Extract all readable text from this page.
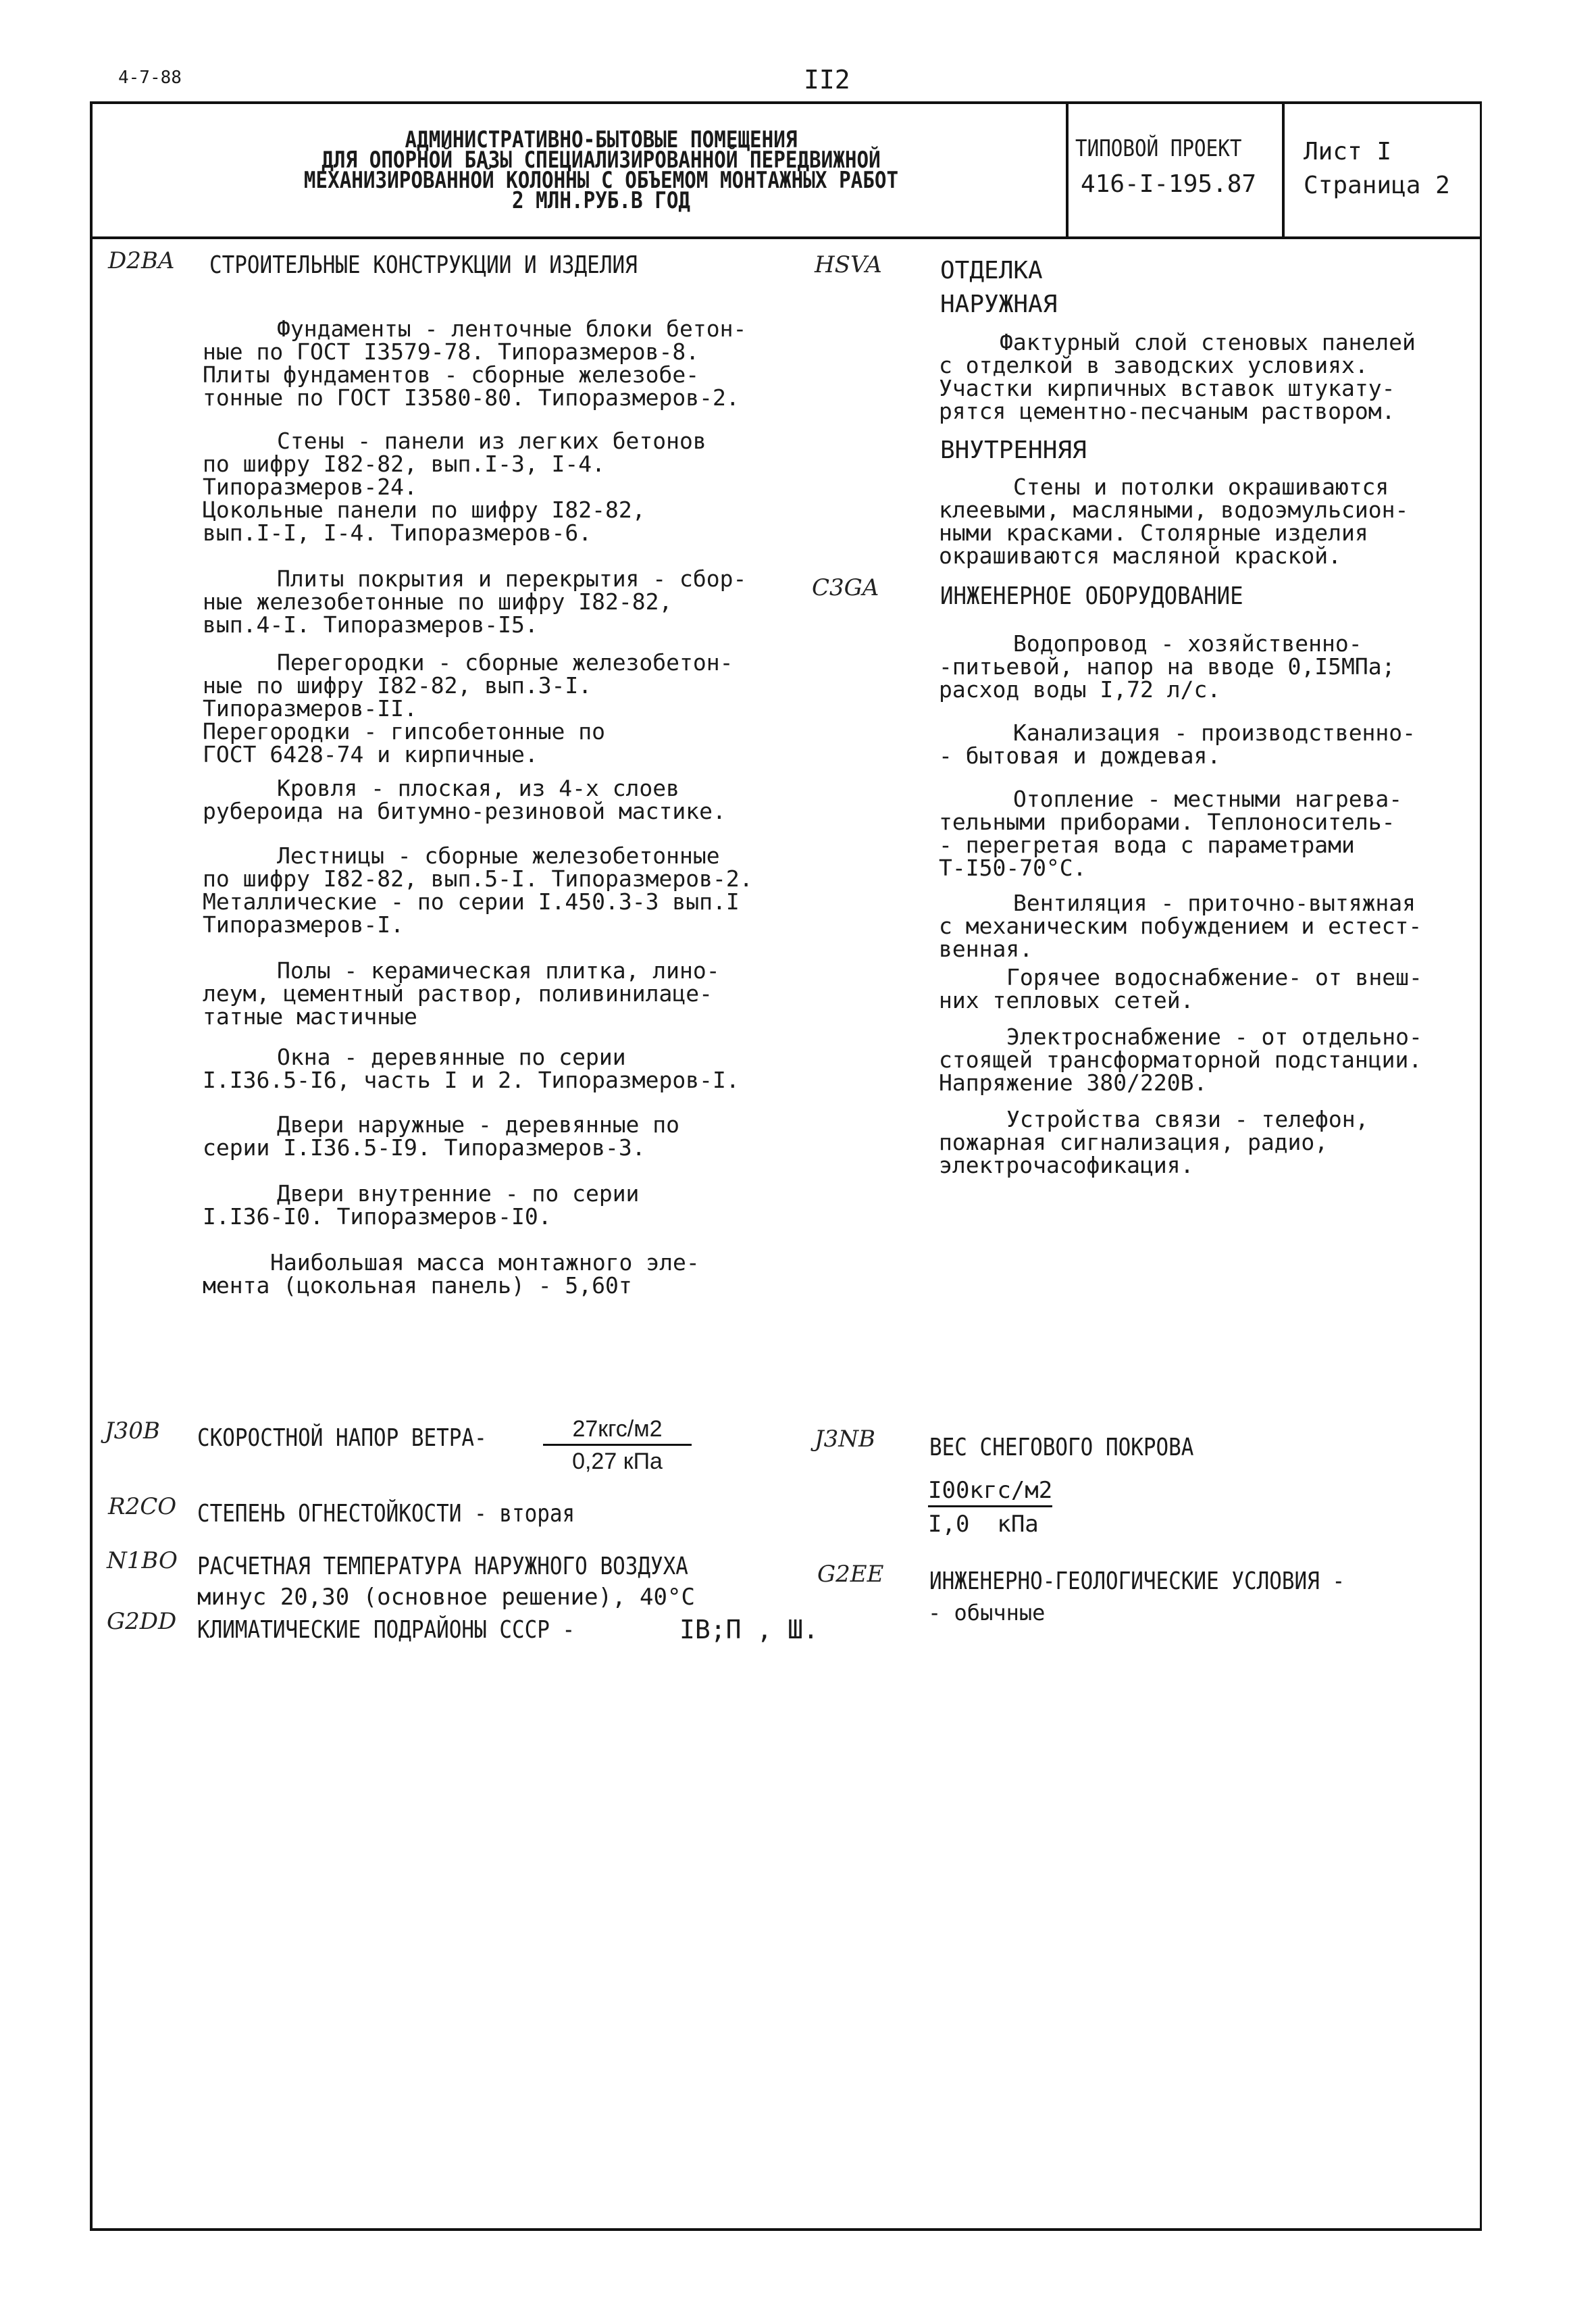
4-7-88	II2
АДМИНИСТРАТИВНО-БЫТОВЫЕ ПОМЕЩЕНИЯ
ДЛЯ ОПОРНОЙ БАЗЫ СПЕЦИАЛИЗИРОВАННОЙ ПЕРЕДВИЖНОЙ
МЕХАНИЗИРОВАННОЙ КОЛОННЫ С ОБЪЕМОМ МОНТАЖНЫХ РАБОТ
2 МЛН.РУБ.В ГОД
ТИПОВОЙ ПРОЕКТ
416-I-195.87
Лист I
Страница 2
D2BA СТРОИТЕЛЬНЫЕ КОНСТРУКЦИИ И ИЗДЕЛИЯ
Фундаменты - ленточные блоки бетон-
ные по ГОСТ I3579-78. Типоразмеров-8.
Плиты фундаментов - сборные железобе-
тонные по ГОСТ I3580-80. Типоразмеров-2.
Стены - панели из легких бетонов
по шифру I82-82, вып.I-3, I-4.
Типоразмеров-24.
Цокольные панели по шифру I82-82,
вып.I-I, I-4. Типоразмеров-6.
Плиты покрытия и перекрытия - сбор-
ные железобетонные по шифру I82-82,
вып.4-I. Типоразмеров-I5.
Перегородки - сборные железобетон-
ные по шифру I82-82, вып.3-I.
Типоразмеров-II.
Перегородки - гипсобетонные по
ГОСТ 6428-74 и кирпичные.
Кровля - плоская, из 4-х слоев
рубероида на битумно-резиновой мастике.
Лестницы - сборные железобетонные
по шифру I82-82, вып.5-I. Типоразмеров-2.
Металлические - по серии I.450.3-3 вып.I
Типоразмеров-I.
Полы - керамическая плитка, лино-
леум, цементный раствор, поливинилаце-
татные мастичные
Окна - деревянные по серии
I.I36.5-I6, часть I и 2. Типоразмеров-I.
Двери наружные - деревянные по
серии I.I36.5-I9. Типоразмеров-3.
Двери внутренние - по серии
I.I36-I0. Типоразмеров-I0.
Наибольшая масса монтажного эле-
мента (цокольная панель) - 5,60т
HSVA ОТДЕЛКА
НАРУЖНАЯ
Фактурный слой стеновых панелей
с отделкой в заводских условиях.
Участки кирпичных вставок штукату-
рятся цементно-песчаным раствором.
ВНУТРЕННЯЯ
Стены и потолки окрашиваются
клеевыми, масляными, водоэмульсион-
ными красками. Столярные изделия
окрашиваются масляной краской.
C3GA	ИНЖЕНЕРНОЕ ОБОРУДОВАНИЕ
Водопровод - хозяйственно-
-питьевой, напор на вводе 0,I5МПа;
расход воды I,72 л/с.
Канализация - производственно-
- бытовая и дождевая.
Отопление - местными нагрева-
тельными приборами. Теплоноситель-
- перегретая вода с параметрами
Т-I50-70°С.
Вентиляция - приточно-вытяжная
с механическим побуждением и естест-
венная.
Горячее водоснабжение- от внеш-
них тепловых сетей.
Электроснабжение - от отдельно-
стоящей трансформаторной подстанции.
Напряжение 380/220В.
Устройства связи - телефон,
пожарная сигнализация, радио,
электрочасофикация.
J30B СКОРОСТНОЙ НАПОР ВЕТРА-	27кгс/м2
0,27 кПа
R2CO СТЕПЕНЬ ОГНЕСТОЙКОСТИ - вторая
N1BO РАСЧЕТНАЯ ТЕМПЕРАТУРА НАРУЖНОГО ВОЗДУХА
минус 20,30 (основное решение), 40°С
G2DD КЛИМАТИЧЕСКИЕ ПОДРАЙОНЫ СССР -	IВ;П , Ш.
J3NB ВЕС СНЕГОВОГО ПОКРОВА
I00кгс/м2
I,0  кПа
G2EE ИНЖЕНЕРНО-ГЕОЛОГИЧЕСКИЕ УСЛОВИЯ -
- обычные
